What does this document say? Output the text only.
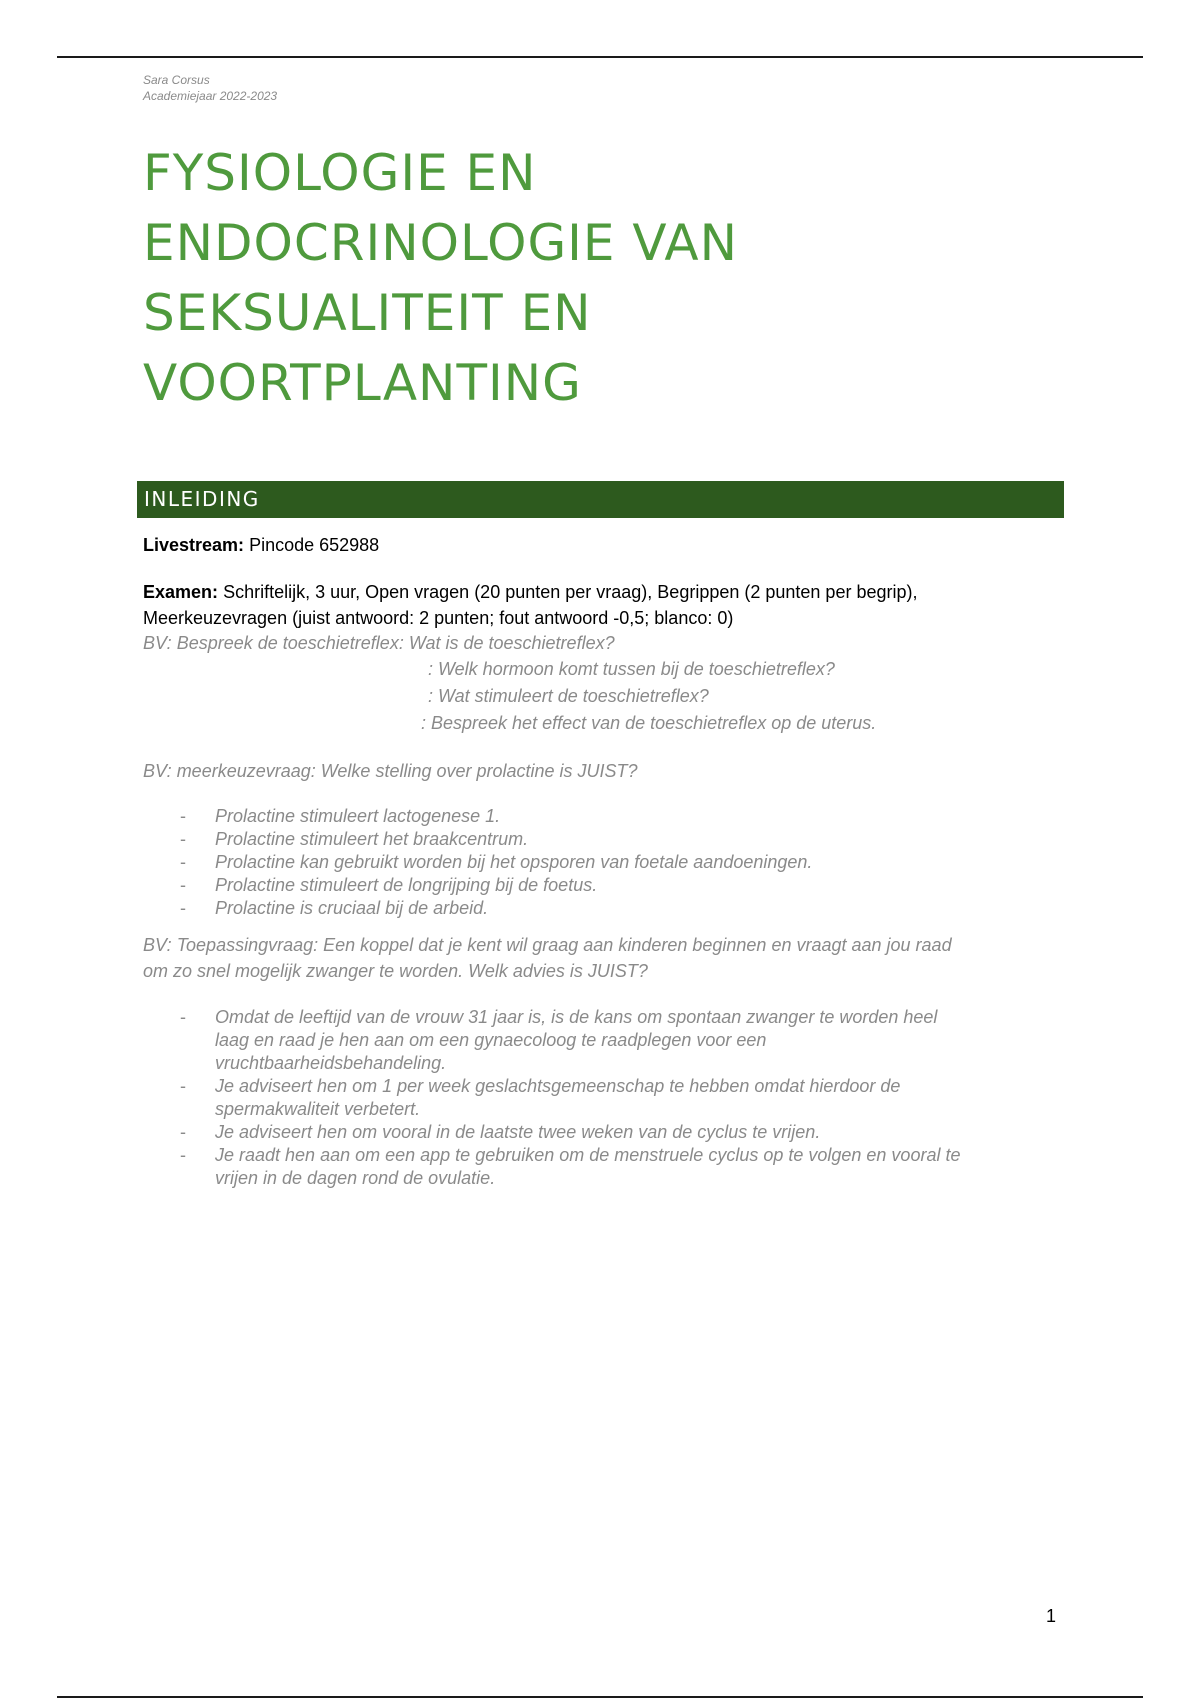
Sara Corsus
Academiejaar 2022-2023
FYSIOLOGIE EN
ENDOCRINOLOGIE VAN
SEKSUALITEIT EN
VOORTPLANTING
INLEIDING
Livestream: Pincode 652988
Examen: Schriftelijk, 3 uur, Open vragen (20 punten per vraag), Begrippen (2 punten per begrip),
Meerkeuzevragen (juist antwoord: 2 punten; fout antwoord -0,5; blanco: 0)
BV: Bespreek de toeschietreflex: Wat is de toeschietreflex?
: Welk hormoon komt tussen bij de toeschietreflex?
: Wat stimuleert de toeschietreflex?
: Bespreek het effect van de toeschietreflex op de uterus.
BV: meerkeuzevraag: Welke stelling over prolactine is JUIST?
- Prolactine stimuleert lactogenese 1.
- Prolactine stimuleert het braakcentrum.
- Prolactine kan gebruikt worden bij het opsporen van foetale aandoeningen.
- Prolactine stimuleert de longrijping bij de foetus.
- Prolactine is cruciaal bij de arbeid.
BV: Toepassingvraag: Een koppel dat je kent wil graag aan kinderen beginnen en vraagt aan jou raad
om zo snel mogelijk zwanger te worden. Welk advies is JUIST?
- Omdat de leeftijd van de vrouw 31 jaar is, is de kans om spontaan zwanger te worden heel
laag en raad je hen aan om een gynaecoloog te raadplegen voor een
vruchtbaarheidsbehandeling.
- Je adviseert hen om 1 per week geslachtsgemeenschap te hebben omdat hierdoor de
spermakwaliteit verbetert.
- Je adviseert hen om vooral in de laatste twee weken van de cyclus te vrijen.
- Je raadt hen aan om een app te gebruiken om de menstruele cyclus op te volgen en vooral te
vrijen in de dagen rond de ovulatie.
1
